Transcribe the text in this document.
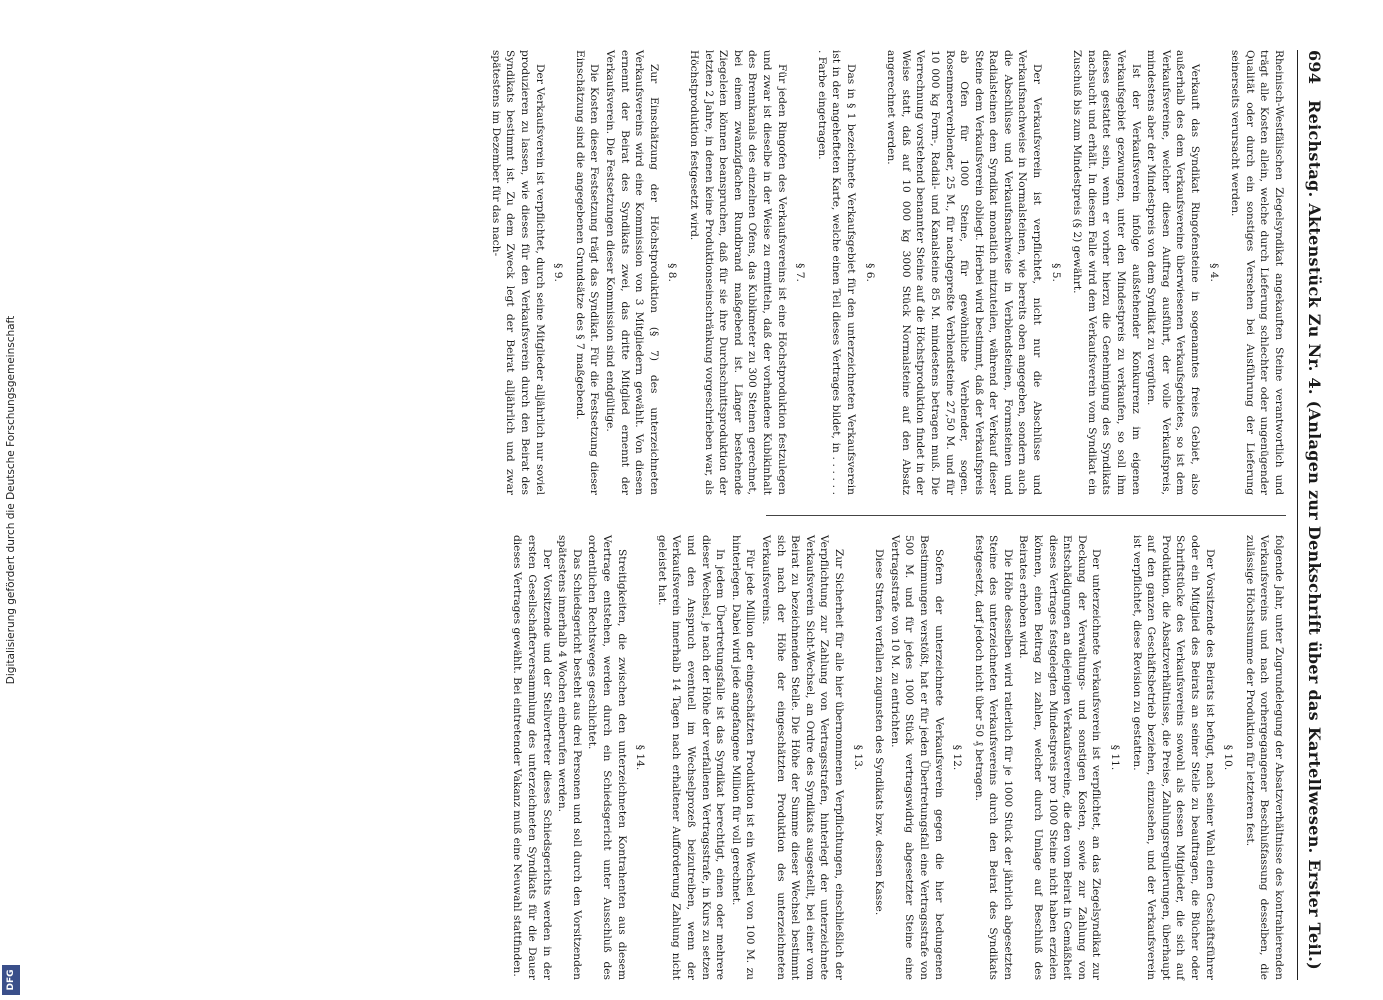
Digitalisierung gefördert durch die Deutsche Forschungsgemeinschaft
DFG
694
Reichstag. Aktenstück Zu Nr. 4. (Anlagen zur Denkschrift über das Kartellwesen. Erster Teil.)

Rheinisch-Westfälischen Ziegelsyndikat angekauften Steine verantwortlich und trägt alle Kosten allein, welche durch Lieferung schlechter oder ungenügender Qualität oder durch ein sonstiges Versehen bei Ausführung der Lieferung seinerseits verursacht werden.

§ 4.

Verkauft das Syndikat Ringofensteine in sogenanntes freies Gebiet, also außerhalb des dem Verkaufsvereine überwiesenen Verkaufsgebietes, so ist dem Verkaufsvereine, welcher diesen Auftrag ausführt, der volle Verkaufspreis, mindestens aber der Mindestpreis von dem Syndikat zu vergüten.

Ist der Verkaufsverein infolge außstehender Konkurrenz im eigenen Verkaufsgebiet gezwungen, unter den Mindestpreis zu verkaufen, so soll ihm dieses gestattet sein, wenn er vorher hierzu die Genehmigung des Syndikats nachsucht und erhält. In diesem Falle wird dem Verkaufsverein vom Syndikat ein Zuschuß bis zum Mindestpreis (§ 2) gewährt.

§ 5.

Der Verkaufsverein ist verpflichtet, nicht nur die Abschlüsse und Verkaufsnachweise in Normalsteinen, wie bereits oben angegeben, sondern auch die Abschlüsse und Verkaufsnachweise in Verblendsteinen, Formsteinen und Radialsteinen dem Syndikat monatlich mitzuteilen, während der Verkauf dieser Steine dem Verkaufsverein obliegt. Hierbei wird bestimmt, daß der Verkaufspreis ab Ofen für 1000 Steine, für gewöhnliche Verblender, sogen. Rosenmeerverblender, 25 M., für nachgepreßte Verblendsteine 27,50 M. und für 10 000 kg Form-, Radial- und Kanalsteine 85 M. mindestens betragen muß. Die Verrechnung vorstehend benannter Steine auf die Höchstproduktion findet in der Weise statt, daß auf 10 000 kg 3000 Stück Normalsteine auf den Absatz angerechnet werden.

§ 6.

Das in § 1 bezeichnete Verkaufsgebiet für den unterzeichneten Verkaufsverein ist in der angehefteten Karte, welche einen Teil dieses Vertrages bildet, in . . . . . . . Farbe eingetragen.

§ 7.

Für jeden Ringofen des Verkaufsvereins ist eine Höchstproduktion festzulegen und zwar ist dieselbe in der Weise zu ermitteln, daß der vorhandene Kubikinhalt des Brennkanals des einzelnen Ofens, das Kubikmeter zu 300 Steinen gerechnet, bei einem zwanzigfachen Rundbrand maßgebend ist. Länger bestehende Ziegeleien können beanspruchen, daß für sie ihre Durchschnittsproduktion der letzten 2 Jahre, in denen keine Produktionseinschränkung vorgeschrieben war, als Höchstproduktion festgesetzt wird.

§ 8.

Zur Einschätzung der Höchstproduktion (§ 7) des unterzeichneten Verkaufsvereins wird eine Kommission von 3 Mitgliedern gewählt. Von diesen ernennt der Beirat des Syndikats zwei, das dritte Mitglied ernennt der Verkaufsverein. Die Festsetzungen dieser Kommission sind endgültige.

Die Kosten dieser Festsetzung trägt das Syndikat. Für die Festsetzung dieser Einschätzung sind die angegebenen Grundsätze des § 7 maßgebend.

§ 9.

Der Verkaufsverein ist verpflichtet, durch seine Mitglieder alljährlich nur soviel produzieren zu lassen, wie dieses für den Verkaufsverein durch den Beirat des Syndikats bestimmt ist. Zu dem Zweck legt der Beirat alljährlich und zwar spätestens im Dezember für das nach-

folgende Jahr, unter Zugrundelegung der Absatzverhältnisse des kontrahierenden Verkaufsvereins und nach vorhergegangener Beschlußfassung desselben, die zulässige Höchstsumme der Produktion für letzteren fest.

§ 10.

Der Vorsitzende des Beirats ist befugt, nach seiner Wahl einen Geschäftsführer oder ein Mitglied des Beirats an seiner Stelle zu beauftragen, die Bücher oder Schriftstücke des Verkaufsvereins sowohl als dessen Mitglieder, die sich auf Produktion, die Absatzverhältnisse, die Preise, Zahlungsregulierungen, überhaupt auf den ganzen Geschäftsbetrieb beziehen, einzusehen, und der Verkaufsverein ist verpflichtet, diese Revision zu gestatten.

§ 11.

Der unterzeichnete Verkaufsverein ist verpflichtet, an das Ziegelsyndikat zur Deckung der Verwaltungs- und sonstigen Kosten, sowie zur Zahlung von Entschädigungen an diejenigen Verkaufsvereine, die den vom Beirat in Gemäßheit dieses Vertrages festgelegten Mindestpreis pro 1000 Steine nicht haben erzielen können, einen Beitrag zu zahlen, welcher durch Umlage auf Beschluß des Beirates erhoben wird.

Die Höhe desselben wird ratierlich für je 1000 Stück der jährlich abgesetzten Steine des unterzeichneten Verkaufsvereins durch den Beirat des Syndikats festgesetzt, darf jedoch nicht über 50 ₰ betragen.

§ 12.

Sofern der unterzeichnete Verkaufsverein gegen die hier bedungenen Bestimmungen verstößt, hat er für jeden Übertretungsfall eine Vertragsstrafe von 500 M. und für jedes 1000 Stück vertragswidrig abgesetzter Steine eine Vertragsstrafe von 10 M. zu entrichten.

Diese Strafen verfallen zugunsten des Syndikats bzw. dessen Kasse.

§ 13.

Zur Sicherheit für alle hier übernommenen Verpflichtungen, einschließlich der Verpflichtung zur Zahlung von Vertragsstrafen, hinterlegt der unterzeichnete Verkaufsverein Sicht-Wechsel, an Ordre des Syndikats ausgestellt, bei einer vom Beirat zu bezeichnenden Stelle. Die Höhe der Summe dieser Wechsel bestimmt sich nach der Höhe der eingeschätzten Produktion des unterzeichneten Verkaufsvereins.

Für jede Million der eingeschätzten Produktion ist ein Wechsel von 100 M. zu hinterlegen. Dabei wird jede angefangene Million für voll gerechnet.

In jedem Übertretungsfalle ist das Syndikat berechtigt, einen oder mehrere dieser Wechsel, je nach der Höhe der verfallenen Vertragsstrafe, in Kurs zu setzen und den Anspruch eventuell im Wechselprozeß beizutreiben, wenn der Verkaufsverein innerhalb 14 Tagen nach erhaltener Aufforderung Zahlung nicht geleistet hat.

§ 14.

Streitigkeiten, die zwischen den unterzeichneten Kontrahenten aus diesem Vertrage entstehen, werden durch ein Schiedsgericht unter Ausschluß des ordentlichen Rechtsweges geschlichtet.

Das Schiedsgericht besteht aus drei Personen und soll durch den Vorsitzenden spätestens innerhalb 4 Wochen einberufen werden.

Der Vorsitzende und der Stellvertreter dieses Schiedsgerichts werden in der ersten Gesellschafterversammlung des unterzeichneten Syndikats für die Dauer dieses Vertrages gewählt. Bei eintretender Vakanz muß eine Neuwahl stattfinden.
